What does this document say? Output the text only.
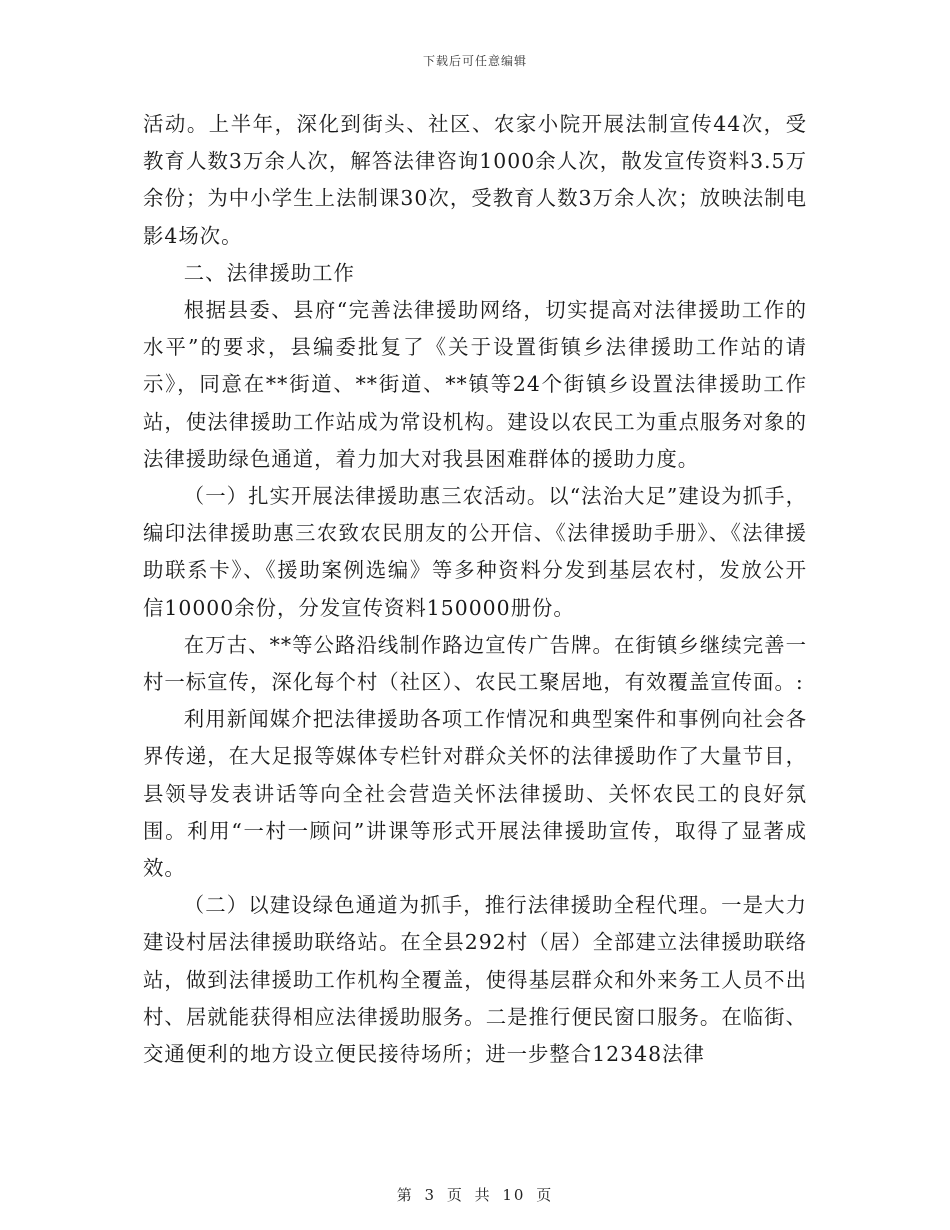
下载后可任意编辑

活动。上半年，深化到街头、社区、农家小院开展法制宣传44次，受教育人数3万余人次，解答法律咨询1000余人次，散发宣传资料3.5万余份；为中小学生上法制课30次，受教育人数3万余人次；放映法制电影4场次。

二、法律援助工作

根据县委、县府“完善法律援助网络，切实提高对法律援助工作的水平”的要求，县编委批复了《关于设置街镇乡法律援助工作站的请示》，同意在**街道、**街道、**镇等24个街镇乡设置法律援助工作站，使法律援助工作站成为常设机构。建设以农民工为重点服务对象的法律援助绿色通道，着力加大对我县困难群体的援助力度。

（一）扎实开展法律援助惠三农活动。以“法治大足”建设为抓手，编印法律援助惠三农致农民朋友的公开信、《法律援助手册》、《法律援助联系卡》、《援助案例选编》等多种资料分发到基层农村，发放公开信10000余份，分发宣传资料150000册份。

在万古、**等公路沿线制作路边宣传广告牌。在街镇乡继续完善一村一标宣传，深化每个村（社区）、农民工聚居地，有效覆盖宣传面。:

利用新闻媒介把法律援助各项工作情况和典型案件和事例向社会各界传递，在大足报等媒体专栏针对群众关怀的法律援助作了大量节目，县领导发表讲话等向全社会营造关怀法律援助、关怀农民工的良好氛围。利用“一村一顾问”讲课等形式开展法律援助宣传，取得了显著成效。

（二）以建设绿色通道为抓手，推行法律援助全程代理。一是大力建设村居法律援助联络站。在全县292村（居）全部建立法律援助联络站，做到法律援助工作机构全覆盖，使得基层群众和外来务工人员不出村、居就能获得相应法律援助服务。二是推行便民窗口服务。在临街、交通便利的地方设立便民接待场所；进一步整合12348法律

第 3 页 共 10 页
